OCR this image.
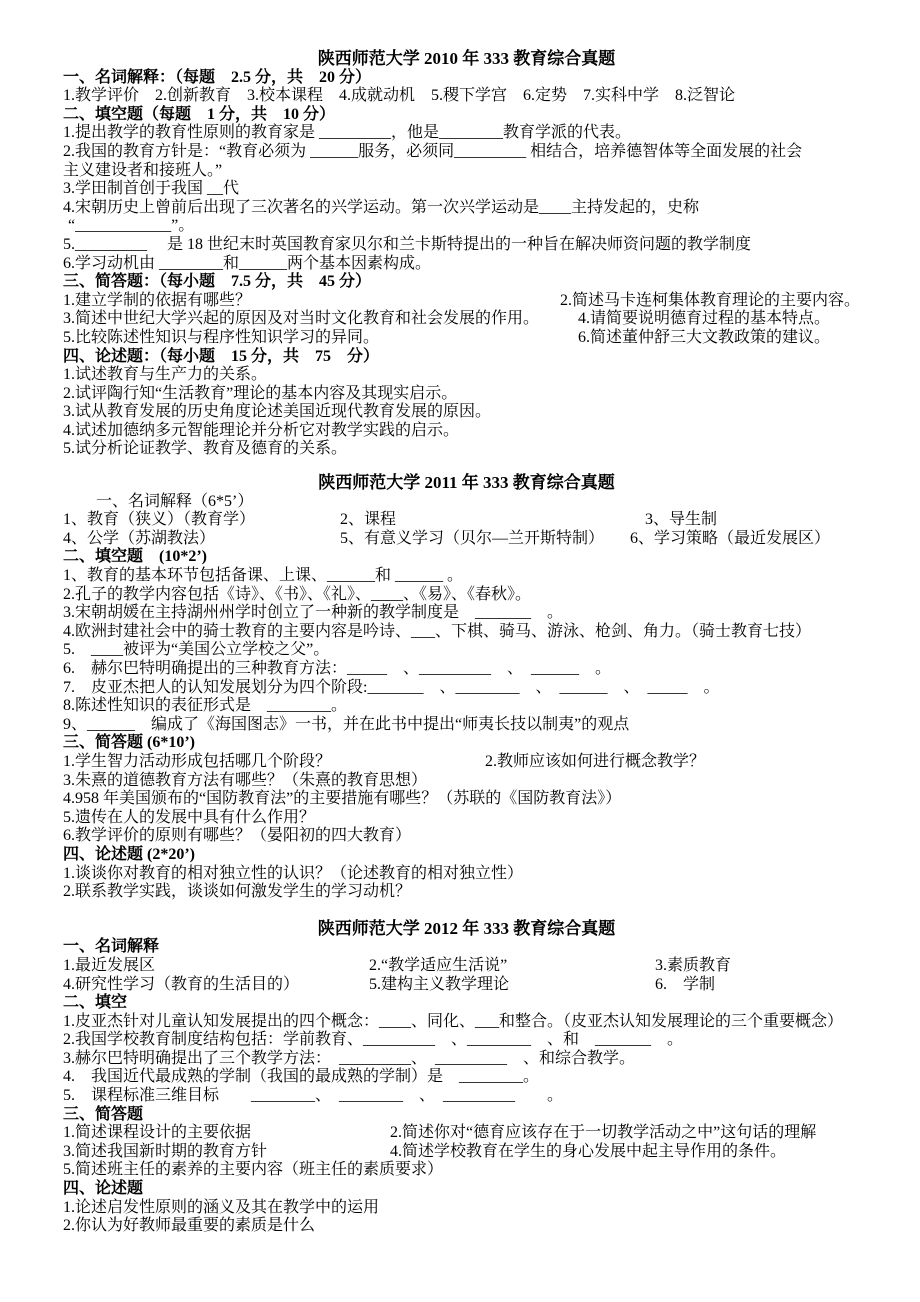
陕西师范大学 2010 年 333 教育综合真题
一、名词解释：（每题　2.5 分，共　20 分）
1.教学评价　2.创新教育　3.校本课程　4.成就动机　5.稷下学宫　6.定势　7.实科中学　8.泛智论
二、填空题（每题　1 分，共　10 分）
1.提出教学的教育性原则的教育家是 _________，他是________教育学派的代表。
2.我国的教育方针是：“教育必须为 ______服务，必须同_________ 相结合，培养德智体等全面发展的社会
主义建设者和接班人。”
3.学田制首创于我国 __代
4.宋朝历史上曾前后出现了三次著名的兴学运动。第一次兴学运动是____主持发起的，史称
“____________”。
5._________　 是 18 世纪末时英国教育家贝尔和兰卡斯特提出的一种旨在解决师资问题的教学制度
6.学习动机由 ________和______两个基本因素构成。
三、简答题：（每小题　7.5 分，共　45 分）
1.建立学制的依据有哪些？	2.简述马卡连柯集体教育理论的主要内容。
3.简述中世纪大学兴起的原因及对当时文化教育和社会发展的作用。 4.请简要说明德育过程的基本特点。
5.比较陈述性知识与程序性知识学习的异同。	6.简述董仲舒三大文教政策的建议。
四、论述题：（每小题　15 分，共　75　分）
1.试述教育与生产力的关系。
2.试评陶行知“生活教育”理论的基本内容及其现实启示。
3.试从教育发展的历史角度论述美国近现代教育发展的原因。
4.试述加德纳多元智能理论并分析它对教学实践的启示。
5.试分析论证教学、教育及德育的关系。
陕西师范大学 2011 年 333 教育综合真题
一、名词解释（6*5’）
1、教育（狭义）（教育学）	2、课程	3、导生制
4、公学（苏湖教法）	5、有意义学习（贝尔—兰开斯特制） 6、学习策略（最近发展区）
二、填空题　(10*2’)
1、教育的基本环节包括备课、上课、______和 ______ 。
2.孔子的教学内容包括《诗》、《书》、《礼》、____、《易》、《春秋》。
3.宋朝胡媛在主持湖州州学时创立了一种新的教学制度是　_______　。
4.欧洲封建社会中的骑士教育的主要内容是吟诗、___、下棋、骑马、游泳、枪剑、角力。（骑士教育七技）
5.　____被评为“美国公立学校之父”。
6.　赫尔巴特明确提出的三种教育方法：_____　、_________　、　______　。
7.　皮亚杰把人的认知发展划分为四个阶段:_______　、________　、　______　、　_____　。
8.陈述性知识的表征形式是　________。
9、______　编成了《海国图志》一书，并在此书中提出“师夷长技以制夷”的观点
三、简答题 (6*10’)
1.学生智力活动形成包括哪几个阶段？	2.教师应该如何进行概念教学？
3.朱熹的道德教育方法有哪些？（朱熹的教育思想）
4.958 年美国颁布的“国防教育法”的主要措施有哪些？（苏联的《国防教育法》）
5.遗传在人的发展中具有什么作用？
6.教学评价的原则有哪些？（晏阳初的四大教育）
四、论述题 (2*20’)
1.谈谈你对教育的相对独立性的认识？（论述教育的相对独立性）
2.联系教学实践，谈谈如何激发学生的学习动机？
陕西师范大学 2012 年 333 教育综合真题
一、名词解释
1.最近发展区	2.“教学适应生活说”	3.素质教育
4.研究性学习（教育的生活目的）	5.建构主义教学理论	6.　学制
二、填空
1.皮亚杰针对儿童认知发展提出的四个概念：____、同化、___和整合。（皮亚杰认知发展理论的三个重要概念）
2.我国学校教育制度结构包括：学前教育、_________　、________　、和　_______　。
3.赫尔巴特明确提出了三个教学方法：　_________、　_________　、和综合教学。
4.　我国近代最成熟的学制（我国的最成熟的学制）是　________。
5.　课程标准三维目标　　________、　________　、　_________　　。
三、简答题
1.简述课程设计的主要依据	2.简述你对“德育应该存在于一切教学活动之中”这句话的理解
3.简述我国新时期的教育方针	4.简述学校教育在学生的身心发展中起主导作用的条件。
5.简述班主任的素养的主要内容（班主任的素质要求）
四、论述题
1.论述启发性原则的涵义及其在教学中的运用
2.你认为好教师最重要的素质是什么
